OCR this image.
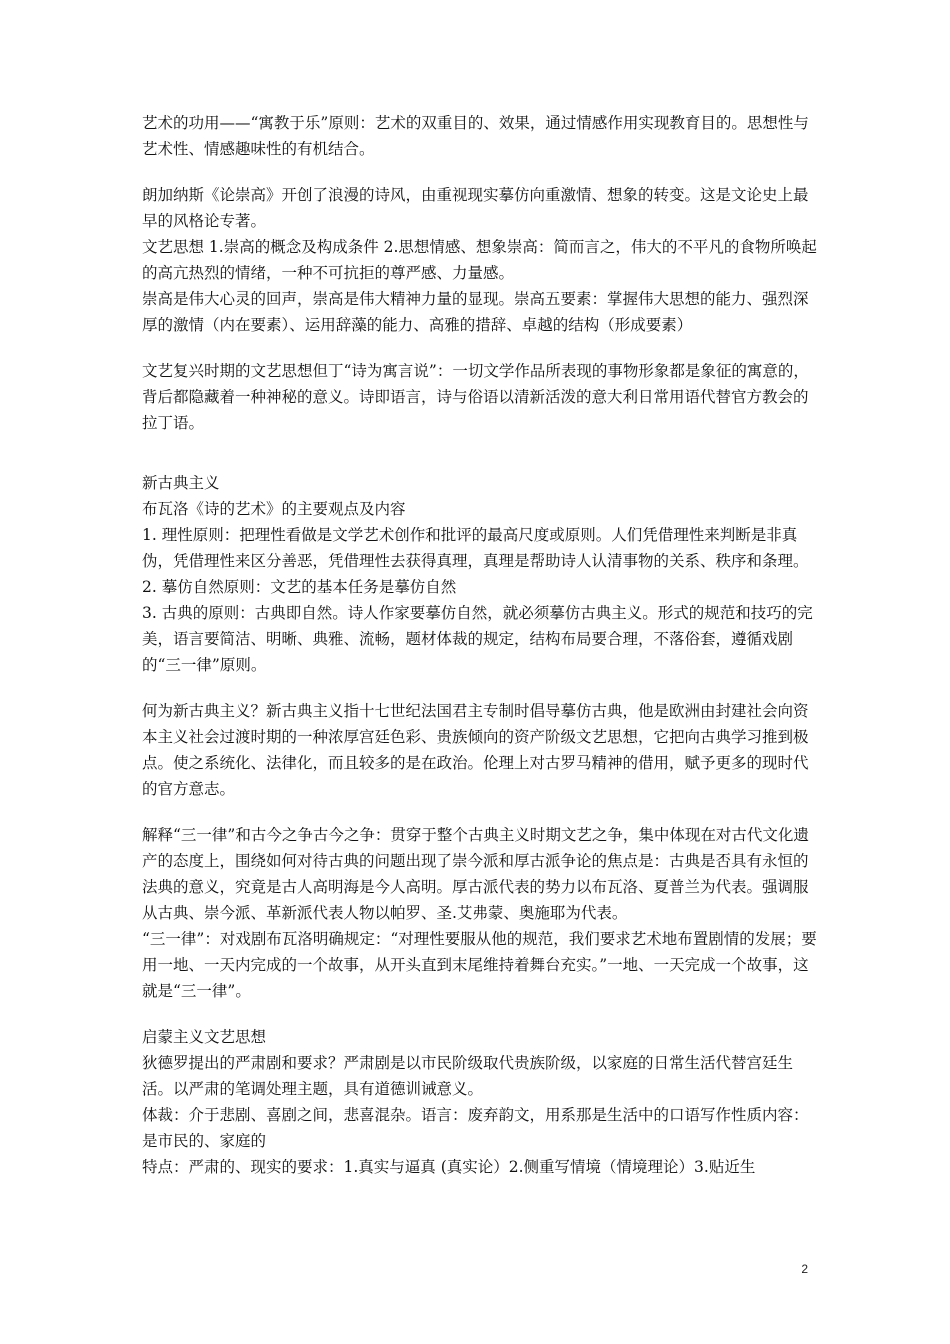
艺术的功用——“寓教于乐”原则：艺术的双重目的、效果，通过情感作用实现教育目的。思想性与艺术性、情感趣味性的有机结合。

朗加纳斯《论崇高》开创了浪漫的诗风，由重视现实摹仿向重激情、想象的转变。这是文论史上最早的风格论专著。

文艺思想 1.崇高的概念及构成条件 2.思想情感、想象崇高：简而言之，伟大的不平凡的食物所唤起的高亢热烈的情绪，一种不可抗拒的尊严感、力量感。

崇高是伟大心灵的回声，崇高是伟大精神力量的显现。崇高五要素：掌握伟大思想的能力、强烈深厚的激情（内在要素）、运用辞藻的能力、高雅的措辞、卓越的结构（形成要素）

文艺复兴时期的文艺思想但丁“诗为寓言说”：一切文学作品所表现的事物形象都是象征的寓意的，背后都隐藏着一种神秘的意义。诗即语言，诗与俗语以清新活泼的意大利日常用语代替官方教会的拉丁语。

新古典主义

布瓦洛《诗的艺术》的主要观点及内容

1. 理性原则：把理性看做是文学艺术创作和批评的最高尺度或原则。人们凭借理性来判断是非真伪，凭借理性来区分善恶，凭借理性去获得真理，真理是帮助诗人认清事物的关系、秩序和条理。

2. 摹仿自然原则：文艺的基本任务是摹仿自然

3. 古典的原则：古典即自然。诗人作家要摹仿自然，就必须摹仿古典主义。形式的规范和技巧的完美，语言要简洁、明晰、典雅、流畅，题材体裁的规定，结构布局要合理，不落俗套，遵循戏剧的“三一律”原则。

何为新古典主义？新古典主义指十七世纪法国君主专制时倡导摹仿古典，他是欧洲由封建社会向资本主义社会过渡时期的一种浓厚宫廷色彩、贵族倾向的资产阶级文艺思想，它把向古典学习推到极点。使之系统化、法律化，而且较多的是在政治。伦理上对古罗马精神的借用，赋予更多的现时代的官方意志。

解释“三一律”和古今之争古今之争：贯穿于整个古典主义时期文艺之争，集中体现在对古代文化遗产的态度上，围绕如何对待古典的问题出现了崇今派和厚古派争论的焦点是：古典是否具有永恒的法典的意义，究竟是古人高明海是今人高明。厚古派代表的势力以布瓦洛、夏普兰为代表。强调服从古典、崇今派、革新派代表人物以帕罗、圣.艾弗蒙、奥施耶为代表。

“三一律”：对戏剧布瓦洛明确规定：“对理性要服从他的规范，我们要求艺术地布置剧情的发展；要用一地、一天内完成的一个故事，从开头直到末尾维持着舞台充实。”一地、一天完成一个故事，这就是“三一律”。

启蒙主义文艺思想

狄德罗提出的严肃剧和要求？严肃剧是以市民阶级取代贵族阶级，以家庭的日常生活代替宫廷生活。以严肃的笔调处理主题，具有道德训诫意义。

体裁：介于悲剧、喜剧之间，悲喜混杂。语言：废弃韵文，用系那是生活中的口语写作性质内容：是市民的、家庭的

特点：严肃的、现实的要求：1.真实与逼真 (真实论）2.侧重写情境（情境理论）3.贴近生

2
